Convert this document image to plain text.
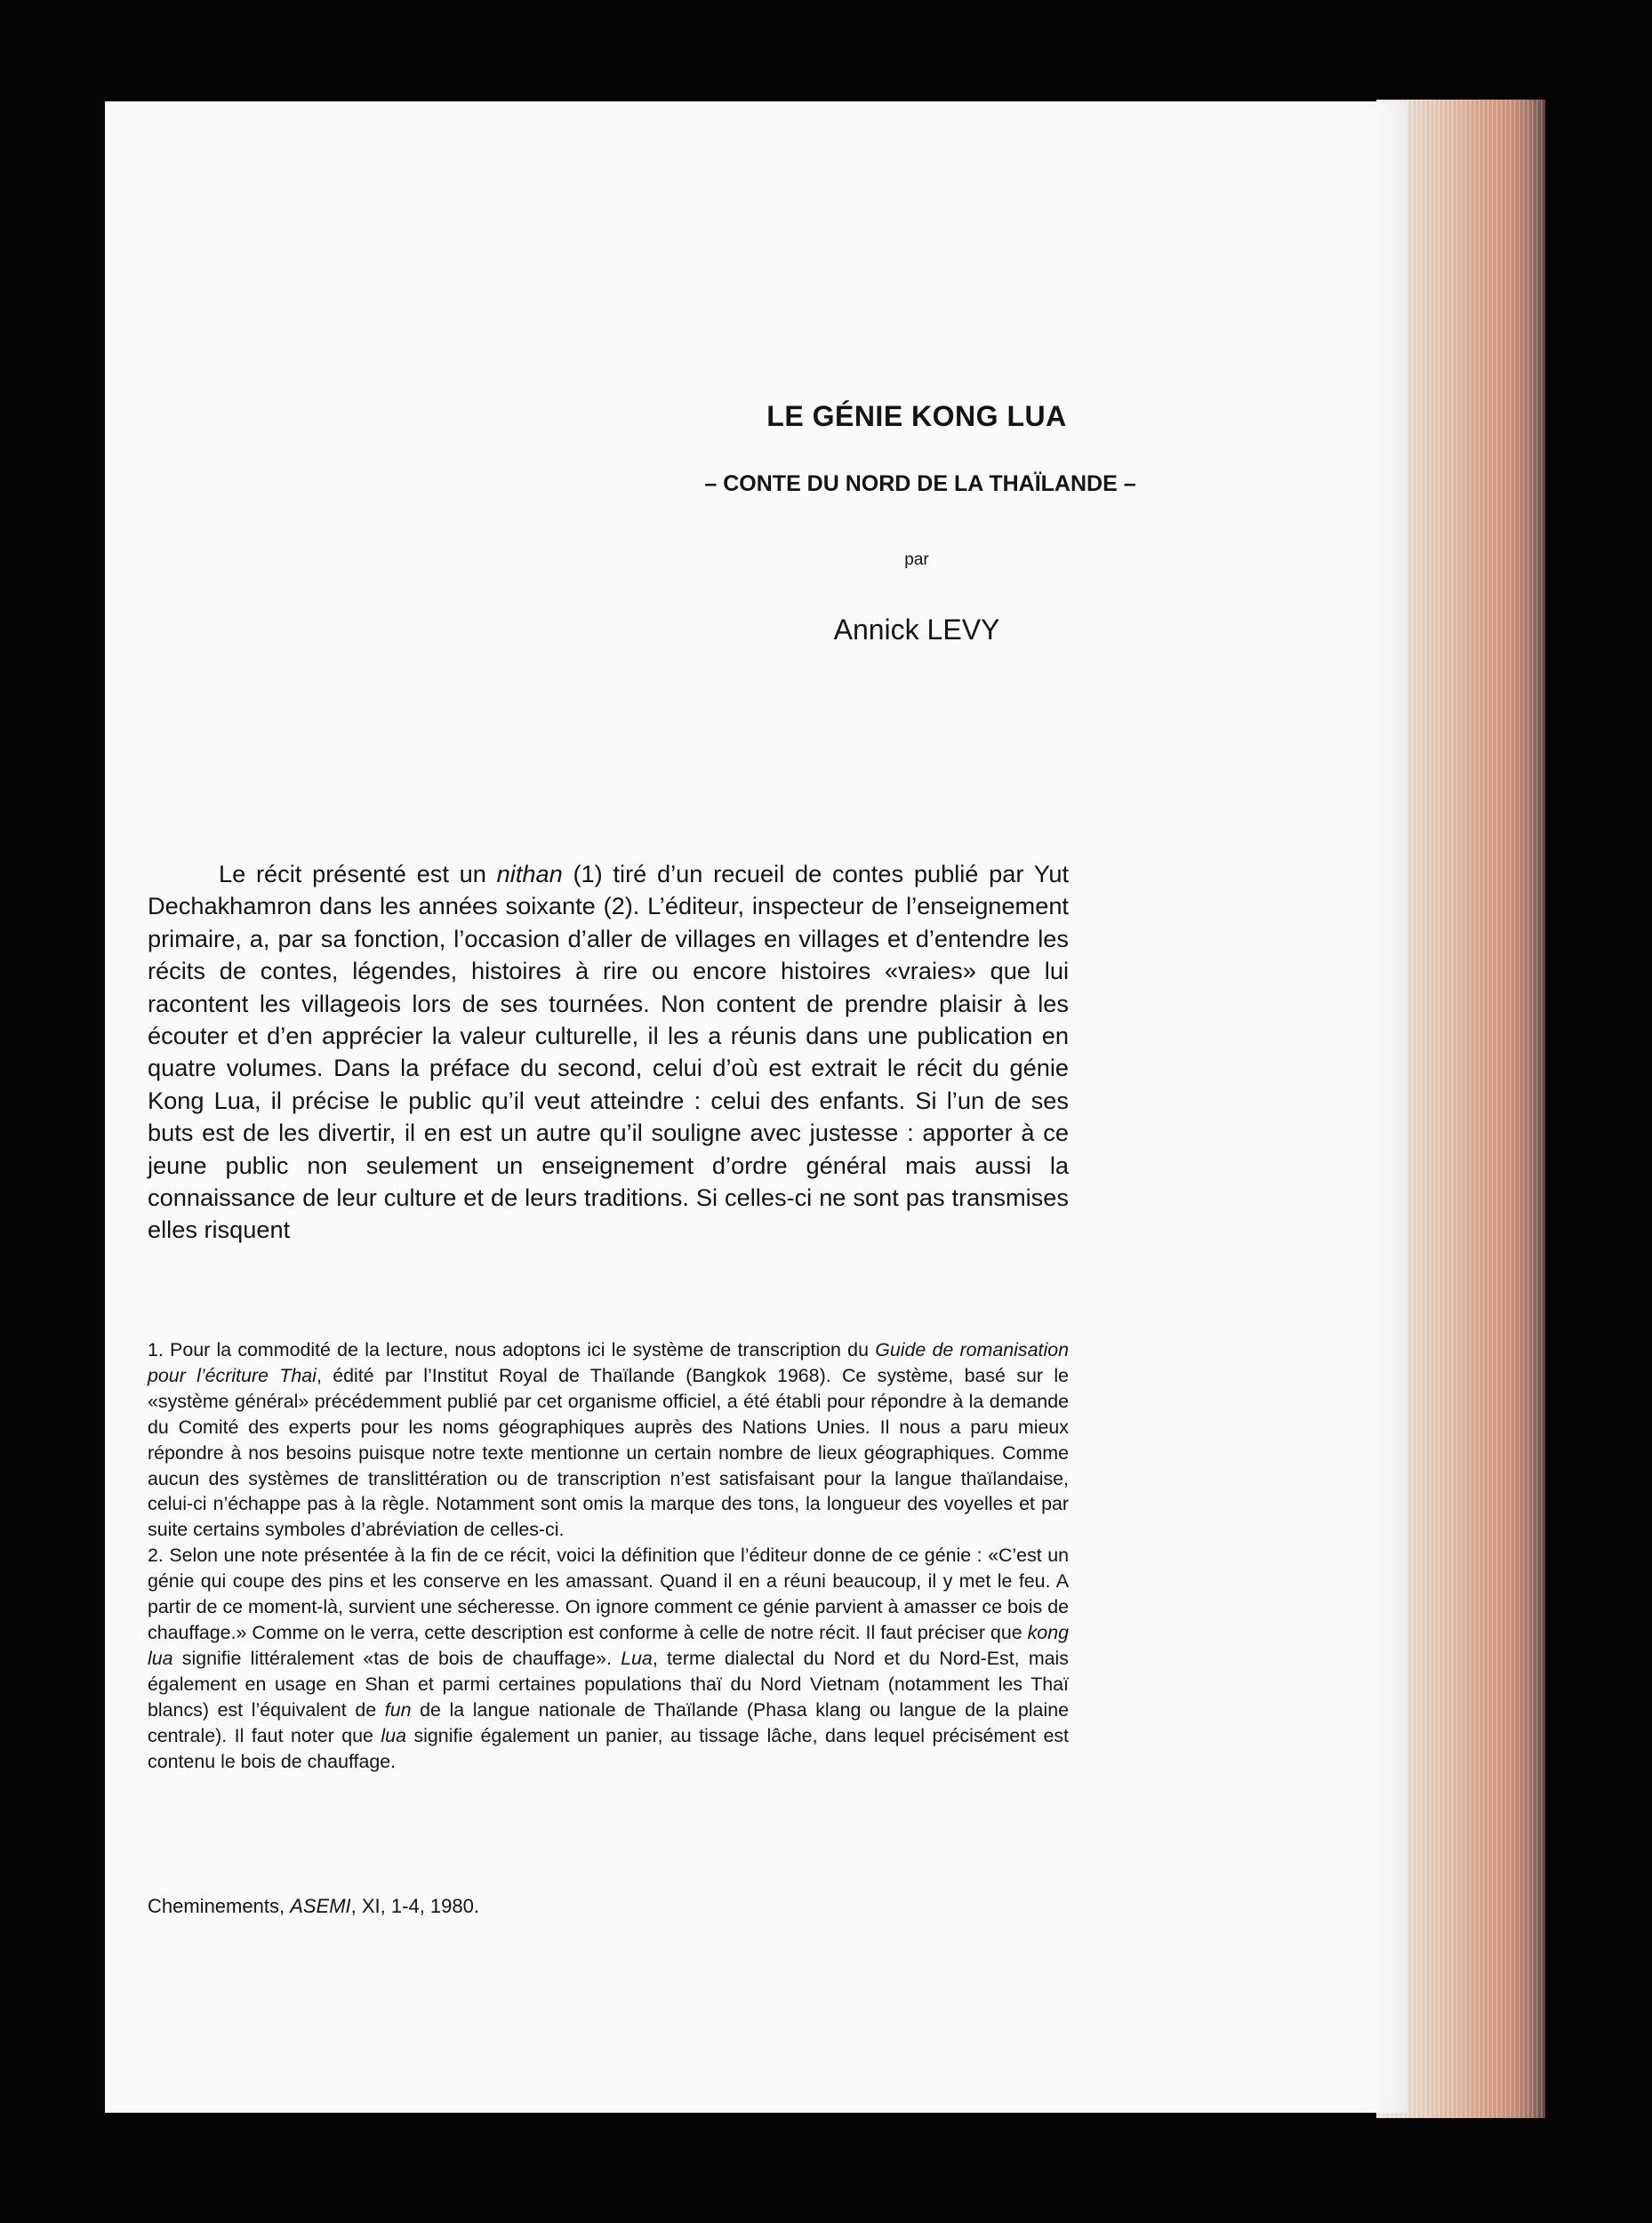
LE GÉNIE KONG LUA
– CONTE DU NORD DE LA THAÏLANDE –
par
Annick LEVY

Le récit présenté est un nithan (1) tiré d’un recueil de contes publié par Yut Dechakhamron dans les années soixante (2). L’éditeur, inspecteur de l’enseignement primaire, a, par sa fonction, l’occasion d’aller de villages en villages et d’entendre les récits de contes, légendes, histoires à rire ou encore histoires «vraies» que lui racontent les villageois lors de ses tournées. Non content de prendre plaisir à les écouter et d’en apprécier la valeur culturelle, il les a réunis dans une publication en quatre volumes. Dans la préface du second, celui d’où est extrait le récit du génie Kong Lua, il précise le public qu’il veut atteindre : celui des enfants. Si l’un de ses buts est de les divertir, il en est un autre qu’il souligne avec justesse : apporter à ce jeune public non seulement un enseignement d’ordre général mais aussi la connaissance de leur culture et de leurs traditions. Si celles-ci ne sont pas transmises elles risquent

1. Pour la commodité de la lecture, nous adoptons ici le système de transcription du Guide de romanisation pour l’écriture Thai, édité par l’Institut Royal de Thaïlande (Bangkok 1968). Ce système, basé sur le «système général» précédemment publié par cet organisme officiel, a été établi pour répondre à la demande du Comité des experts pour les noms géographiques auprès des Nations Unies. Il nous a paru mieux répondre à nos besoins puisque notre texte mentionne un certain nombre de lieux géographiques. Comme aucun des systèmes de translittération ou de transcription n’est satisfaisant pour la langue thaïlandaise, celui-ci n’échappe pas à la règle. Notamment sont omis la marque des tons, la longueur des voyelles et par suite certains symboles d’abréviation de celles-ci.

2. Selon une note présentée à la fin de ce récit, voici la définition que l’éditeur donne de ce génie : «C’est un génie qui coupe des pins et les conserve en les amassant. Quand il en a réuni beaucoup, il y met le feu. A partir de ce moment-là, survient une sécheresse. On ignore comment ce génie parvient à amasser ce bois de chauffage.» Comme on le verra, cette description est conforme à celle de notre récit. Il faut préciser que kong lua signifie littéralement «tas de bois de chauffage». Lua, terme dialectal du Nord et du Nord-Est, mais également en usage en Shan et parmi certaines populations thaï du Nord Vietnam (notamment les Thaï blancs) est l’équivalent de fun de la langue nationale de Thaïlande (Phasa klang ou langue de la plaine centrale). Il faut noter que lua signifie également un panier, au tissage lâche, dans lequel précisément est contenu le bois de chauffage.

Cheminements, ASEMI, XI, 1-4, 1980.
